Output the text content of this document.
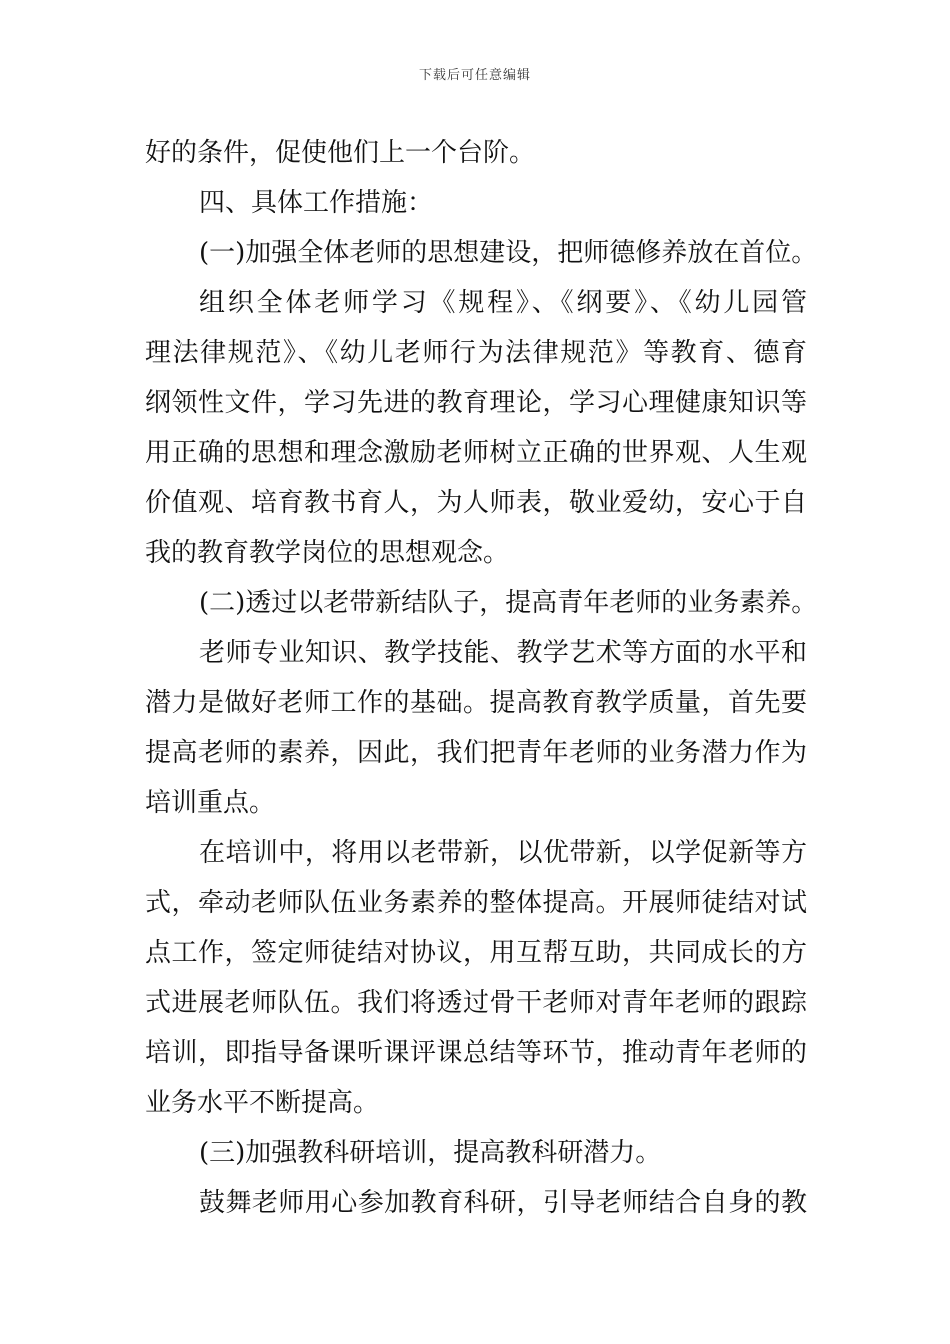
下载后可任意编辑
好的条件，促使他们上一个台阶。
四、具体工作措施：
(一)加强全体老师的思想建设，把师德修养放在首位。
组织全体老师学习《规程》、《纲要》、《幼儿园管
理法律规范》、《幼儿老师行为法律规范》等教育、德育
纲领性文件，学习先进的教育理论，学习心理健康知识等
用正确的思想和理念激励老师树立正确的世界观、人生观
价值观、培育教书育人，为人师表，敬业爱幼，安心于自
我的教育教学岗位的思想观念。
(二)透过以老带新结队子，提高青年老师的业务素养。
老师专业知识、教学技能、教学艺术等方面的水平和
潜力是做好老师工作的基础。提高教育教学质量，首先要
提高老师的素养，因此，我们把青年老师的业务潜力作为
培训重点。
在培训中，将用以老带新，以优带新，以学促新等方
式，牵动老师队伍业务素养的整体提高。开展师徒结对试
点工作，签定师徒结对协议，用互帮互助，共同成长的方
式进展老师队伍。我们将透过骨干老师对青年老师的跟踪
培训，即指导备课听课评课总结等环节，推动青年老师的
业务水平不断提高。
(三)加强教科研培训，提高教科研潜力。
鼓舞老师用心参加教育科研，引导老师结合自身的教
